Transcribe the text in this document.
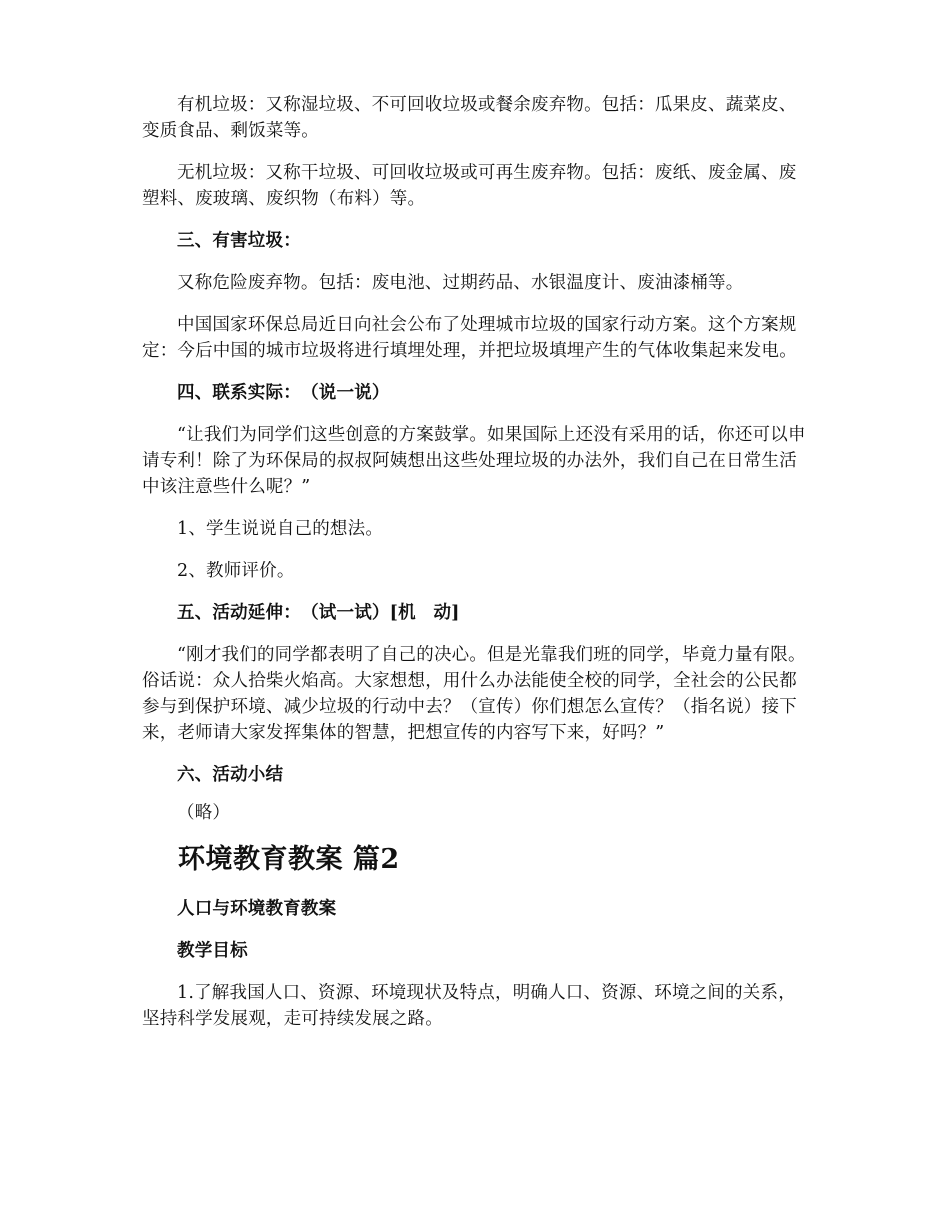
有机垃圾：又称湿垃圾、不可回收垃圾或餐余废弃物。包括：瓜果皮、蔬菜皮、变质食品、剩饭菜等。

无机垃圾：又称干垃圾、可回收垃圾或可再生废弃物。包括：废纸、废金属、废塑料、废玻璃、废织物（布料）等。

三、有害垃圾：

又称危险废弃物。包括：废电池、过期药品、水银温度计、废油漆桶等。

中国国家环保总局近日向社会公布了处理城市垃圾的国家行动方案。这个方案规定：今后中国的城市垃圾将进行填埋处理，并把垃圾填埋产生的气体收集起来发电。

四、联系实际：　（说一说）

“让我们为同学们这些创意的方案鼓掌。如果国际上还没有采用的话，你还可以申请专利！除了为环保局的叔叔阿姨想出这些处理垃圾的办法外，我们自己在日常生活中该注意些什么呢？”

1、学生说说自己的想法。

2、教师评价。

五、活动延伸：　（试一试）[机　动]

“刚才我们的同学都表明了自己的决心。但是光靠我们班的同学，毕竟力量有限。俗话说：众人拾柴火焰高。大家想想，用什么办法能使全校的同学，全社会的公民都参与到保护环境、减少垃圾的行动中去？（宣传）你们想怎么宣传？（指名说）接下来，老师请大家发挥集体的智慧，把想宣传的内容写下来，好吗？”

六、活动小结

（略）

环境教育教案 篇2

人口与环境教育教案

教学目标

1.了解我国人口、资源、环境现状及特点，明确人口、资源、环境之间的关系，坚持科学发展观，走可持续发展之路。
